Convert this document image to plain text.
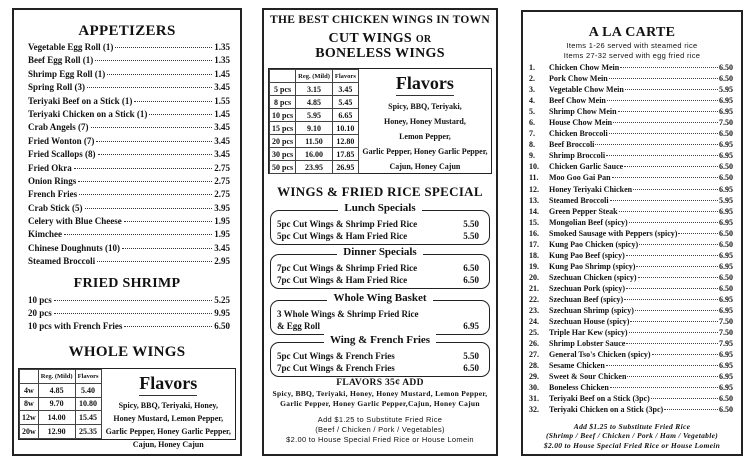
APPETIZERS
Vegetable Egg Roll (1)	1.35
Beef Egg Roll (1)	1.35
Shrimp Egg Roll (1)	1.45
Spring Roll (3)	3.45
Teriyaki Beef on a Stick (1)	1.55
Teriyaki Chicken on a Stick (1)	1.45
Crab Angels (7)	3.45
Fried Wonton (7)	3.45
Fried Scallops (8)	3.45
Fried Okra	2.75
Onion Rings	2.75
French Fries	2.75
Crab Stick (5)	3.95
Celery with Blue Cheese	1.95
Kimchee	1.95
Chinese Doughnuts (10)	3.45
Steamed Broccoli	2.95
FRIED SHRIMP
10 pcs	5.25
20 pcs	9.95
10 pcs with French Fries	6.50
WHOLE WINGS
	Reg. (Mild)	Flavors
4w	4.85	5.40
8w	9.70	10.80
12w	14.00	15.45
20w	12.90	25.35
Flavors
Spicy, BBQ, Teriyaki, Honey,
Honey Mustard, Lemon Pepper,
Garlic Pepper, Honey Garlic Pepper,
Cajun, Honey Cajun
THE BEST CHICKEN WINGS IN TOWN
CUT WINGS OR
BONELESS WINGS
	Reg. (Mild)	Flavors
5 pcs	3.15	3.45
8 pcs	4.85	5.45
10 pcs	5.95	6.65
15 pcs	9.10	10.10
20 pcs	11.50	12.80
30 pcs	16.00	17.85
50 pcs	23.95	26.95
Flavors
Spicy, BBQ, Teriyaki,
Honey, Honey Mustard,
Lemon Pepper,
Garlic Pepper, Honey Garlic Pepper,
Cajun, Honey Cajun
WINGS & FRIED RICE SPECIAL
Lunch Specials
5pc Cut Wings & Shrimp Fried Rice	5.50
5pc Cut Wings & Ham Fried Rice	5.50
Dinner Specials
7pc Cut Wings & Shrimp Fried Rice	6.50
7pc Cut Wings & Ham Fried Rice	6.50
Whole Wing Basket
3 Whole Wings & Shrimp Fried Rice
& Egg Roll	6.95
Wing & French Fries
5pc Cut Wings & French Fries	5.50
7pc Cut Wings & French Fries	6.50
FLAVORS 35¢ ADD
Spicy, BBQ, Teriyaki, Honey, Honey Mustard, Lemon Pepper,
Garlic Pepper, Honey Garlic Pepper,Cajun, Honey Cajun
Add $1.25 to Substitute Fried Rice
(Beef / Chicken / Pork / Vegetables)
$2.00 to House Special Fried Rice or House Lomein
A LA CARTE
Items 1-26 served with steamed rice
Items 27-32 served with egg fried rice
1.	Chicken Chow Mein	6.50
2.	Pork Chow Mein	6.50
3.	Vegetable Chow Mein	5.95
4.	Beef Chow Mein	6.95
5.	Shrimp Chow Mein	6.95
6.	House Chow Mein	7.50
7.	Chicken Broccoli	6.50
8.	Beef Broccoli	6.95
9.	Shrimp Broccoli	6.95
10.	Chicken Garlic Sauce	6.50
11.	Moo Goo Gai Pan	6.50
12.	Honey Teriyaki Chicken	6.95
13.	Steamed Broccoli	5.95
14.	Green Pepper Steak	6.95
15.	Mongolian Beef (spicy)	6.95
16.	Smoked Sausage with Peppers (spicy)	6.50
17.	Kung Pao Chicken (spicy)	6.50
18.	Kung Pao Beef (spicy)	6.95
19.	Kung Pao Shrimp (spicy)	6.95
20.	Szechuan Chicken (spicy)	6.50
21.	Szechuan Pork (spicy)	6.50
22.	Szechuan Beef (spicy)	6.95
23.	Szechuan Shrimp (spicy)	6.95
24.	Szechuan House (spicy)	7.50
25.	Triple Har Kew (spicy)	7.50
26.	Shrimp Lobster Sauce	7.95
27.	General Tso's Chicken (spicy)	6.95
28.	Sesame Chicken	6.95
29.	Sweet & Sour Chicken	6.95
30.	Boneless Chicken	6.95
31.	Teriyaki Beef on a Stick (3pc)	6.50
32.	Teriyaki Chicken on a Stick (3pc)	6.50
Add $1.25 to Substitute Fried Rice
(Shrimp / Beef / Chicken / Pork / Ham / Vegetable)
$2.00 to House Special Fried Rice or House Lomein
